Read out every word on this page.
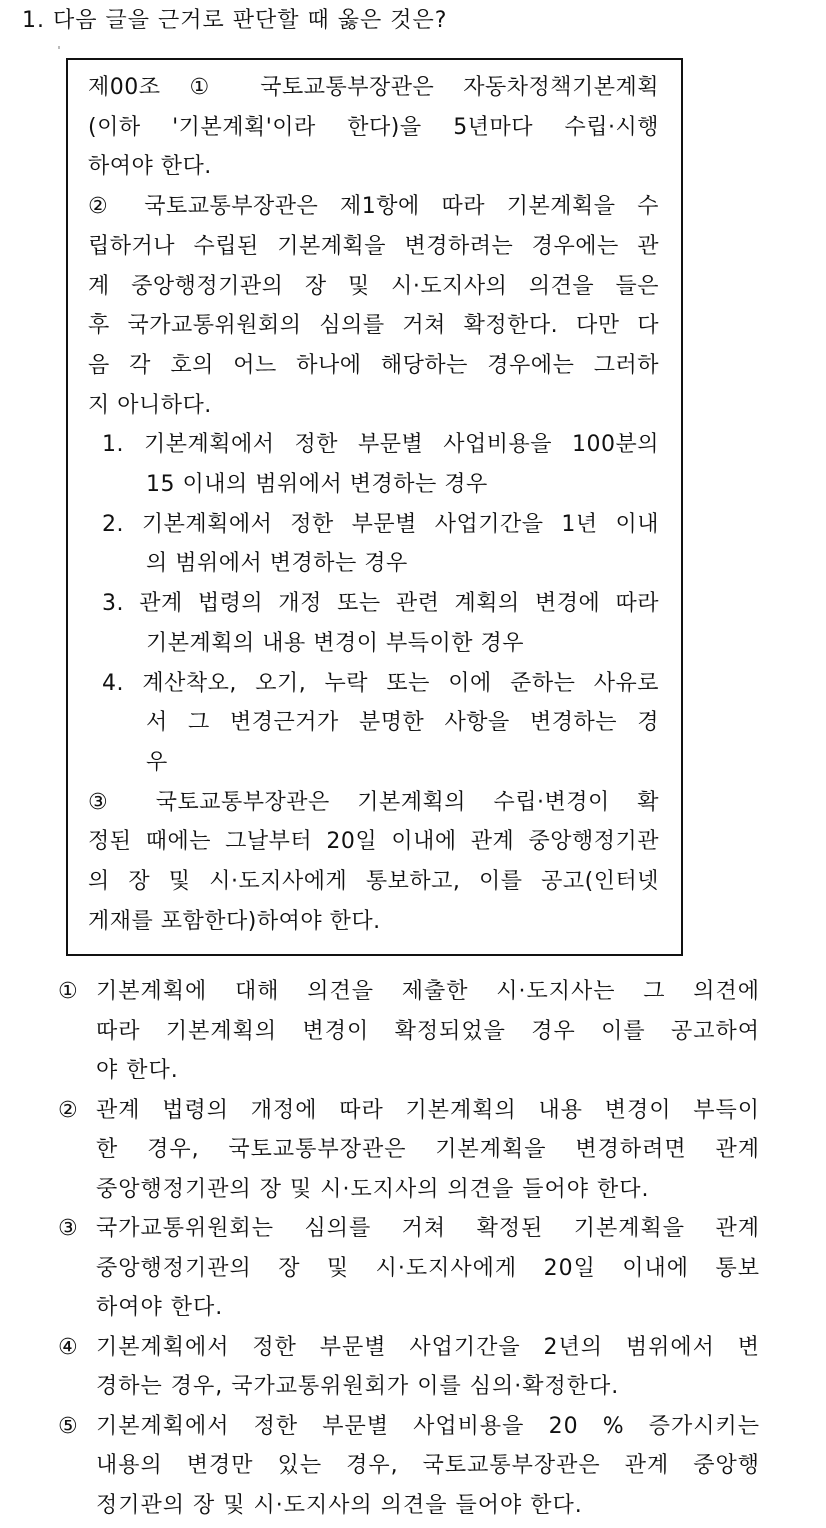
1. 다음 글을 근거로 판단할 때 옳은 것은?
제00조 ① 국토교통부장관은 자동차정책기본계획
(이하 '기본계획'이라 한다)을 5년마다 수립·시행
하여야 한다.
② 국토교통부장관은 제1항에 따라 기본계획을 수
립하거나 수립된 기본계획을 변경하려는 경우에는 관
계 중앙행정기관의 장 및 시·도지사의 의견을 들은
후 국가교통위원회의 심의를 거쳐 확정한다. 다만 다
음 각 호의 어느 하나에 해당하는 경우에는 그러하
지 아니하다.
1. 기본계획에서 정한 부문별 사업비용을 100분의
15 이내의 범위에서 변경하는 경우
2. 기본계획에서 정한 부문별 사업기간을 1년 이내
의 범위에서 변경하는 경우
3. 관계 법령의 개정 또는 관련 계획의 변경에 따라
기본계획의 내용 변경이 부득이한 경우
4. 계산착오, 오기, 누락 또는 이에 준하는 사유로
서 그 변경근거가 분명한 사항을 변경하는 경
우
③ 국토교통부장관은 기본계획의 수립·변경이 확
정된 때에는 그날부터 20일 이내에 관계 중앙행정기관
의 장 및 시·도지사에게 통보하고, 이를 공고(인터넷
게재를 포함한다)하여야 한다.
① 기본계획에 대해 의견을 제출한 시·도지사는 그 의견에
따라 기본계획의 변경이 확정되었을 경우 이를 공고하여
야 한다.
② 관계 법령의 개정에 따라 기본계획의 내용 변경이 부득이
한 경우, 국토교통부장관은 기본계획을 변경하려면 관계
중앙행정기관의 장 및 시·도지사의 의견을 들어야 한다.
③ 국가교통위원회는 심의를 거쳐 확정된 기본계획을 관계
중앙행정기관의 장 및 시·도지사에게 20일 이내에 통보
하여야 한다.
④ 기본계획에서 정한 부문별 사업기간을 2년의 범위에서 변
경하는 경우, 국가교통위원회가 이를 심의·확정한다.
⑤ 기본계획에서 정한 부문별 사업비용을 20 % 증가시키는
내용의 변경만 있는 경우, 국토교통부장관은 관계 중앙행
정기관의 장 및 시·도지사의 의견을 들어야 한다.
